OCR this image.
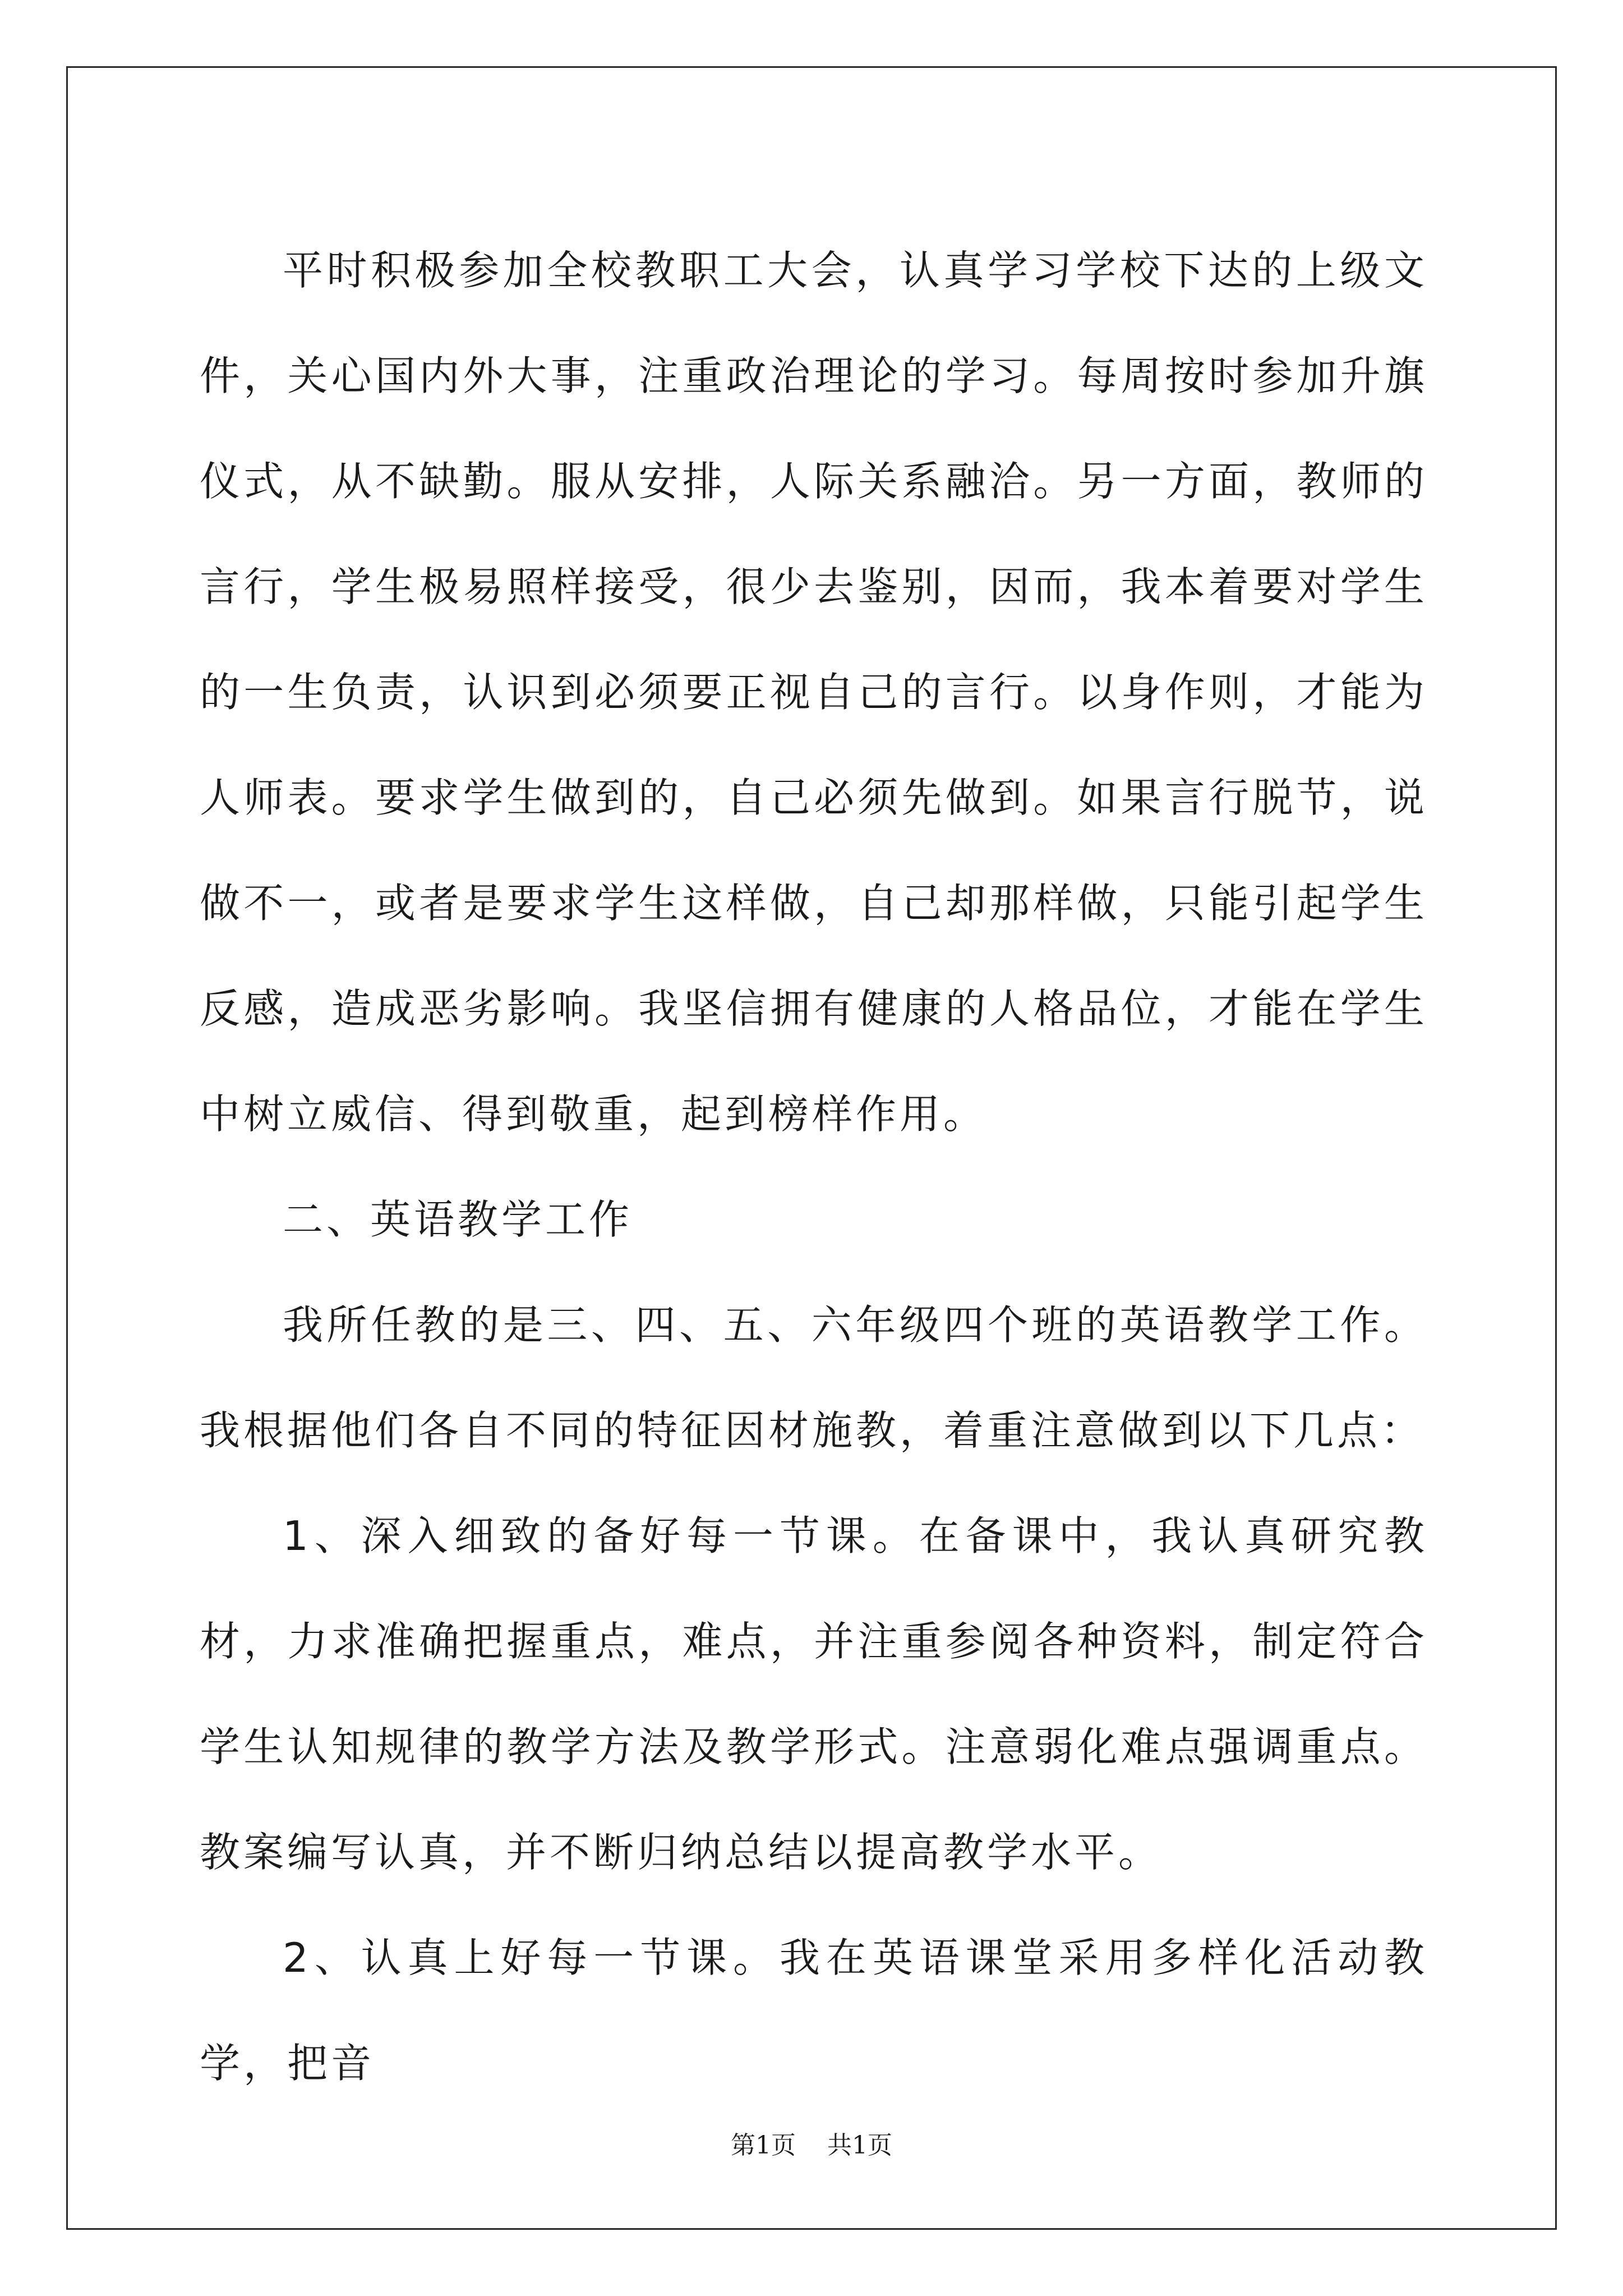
平时积极参加全校教职工大会，认真学习学校下达的上级文件，关心国内外大事，注重政治理论的学习。每周按时参加升旗仪式，从不缺勤。服从安排，人际关系融洽。另一方面，教师的言行，学生极易照样接受，很少去鉴别，因而，我本着要对学生的一生负责，认识到必须要正视自己的言行。以身作则，才能为人师表。要求学生做到的，自己必须先做到。如果言行脱节，说做不一，或者是要求学生这样做，自己却那样做，只能引起学生反感，造成恶劣影响。我坚信拥有健康的人格品位，才能在学生中树立威信、得到敬重，起到榜样作用。

二、英语教学工作

我所任教的是三、四、五、六年级四个班的英语教学工作。我根据他们各自不同的特征因材施教，着重注意做到以下几点：

1、深入细致的备好每一节课。在备课中，我认真研究教材，力求准确把握重点，难点，并注重参阅各种资料，制定符合学生认知规律的教学方法及教学形式。注意弱化难点强调重点。教案编写认真，并不断归纳总结以提高教学水平。

2、认真上好每一节课。我在英语课堂采用多样化活动教学，把音

第1页 共1页
